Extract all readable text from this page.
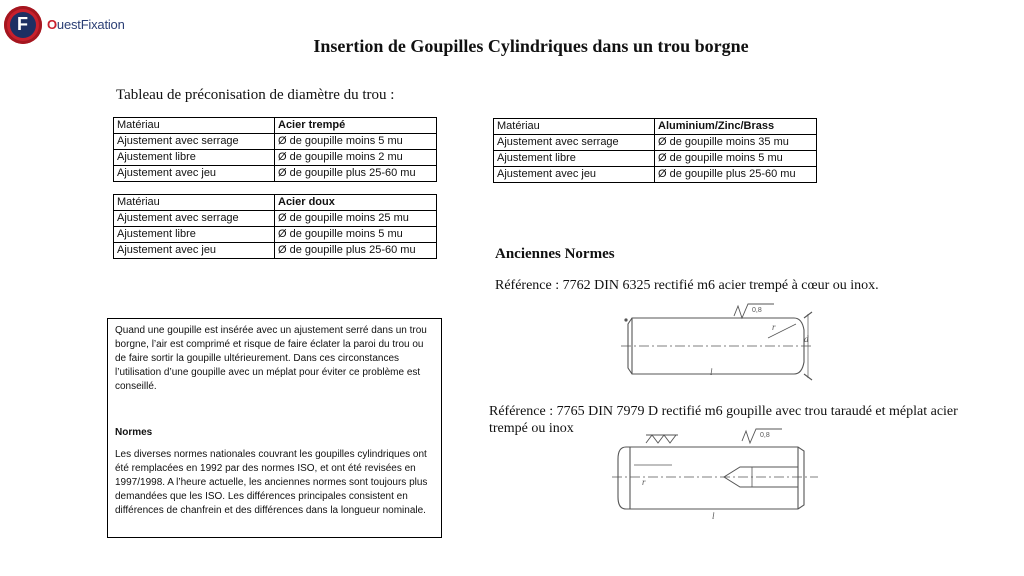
F OuestFixation
Insertion de Goupilles Cylindriques dans un trou borgne
Tableau de préconisation de diamètre du trou :
Matériau	Acier trempé
Ajustement avec serrage	Ø de goupille moins 5 mu
Ajustement libre	Ø de goupille moins 2 mu
Ajustement avec jeu	Ø de goupille plus 25-60 mu
Matériau	Acier doux
Ajustement avec serrage	Ø de goupille moins 25 mu
Ajustement libre	Ø de goupille moins 5 mu
Ajustement avec jeu	Ø de goupille plus 25-60 mu
Matériau	Aluminium/Zinc/Brass
Ajustement avec serrage	Ø de goupille moins 35 mu
Ajustement libre	Ø de goupille moins 5 mu
Ajustement avec jeu	Ø de goupille plus 25-60 mu

Quand une goupille est insérée avec un ajustement serré dans un trou borgne, l’air est comprimé et risque de faire éclater la paroi du trou ou de faire sortir la goupille ultérieurement. Dans ces circonstances l’utilisation d’une goupille avec un méplat pour éviter ce problème est conseillé.

Normes

Les diverses normes nationales couvrant les goupilles cylindriques ont été remplacées en 1992 par des normes ISO, et ont été revisées en 1997/1998. A l’heure actuelle, les anciennes normes sont toujours plus demandées que les ISO. Les différences principales consistent en différences de chanfrein et des différences dans la longueur nominale.

Anciennes Normes
Référence : 7762 DIN 6325 rectifié m6 acier trempé à cœur ou inox.
0,8
r
d
l
Référence : 7765 DIN 7979 D rectifié m6 goupille avec trou taraudé et méplat acier trempé ou inox	0,8
r
l
